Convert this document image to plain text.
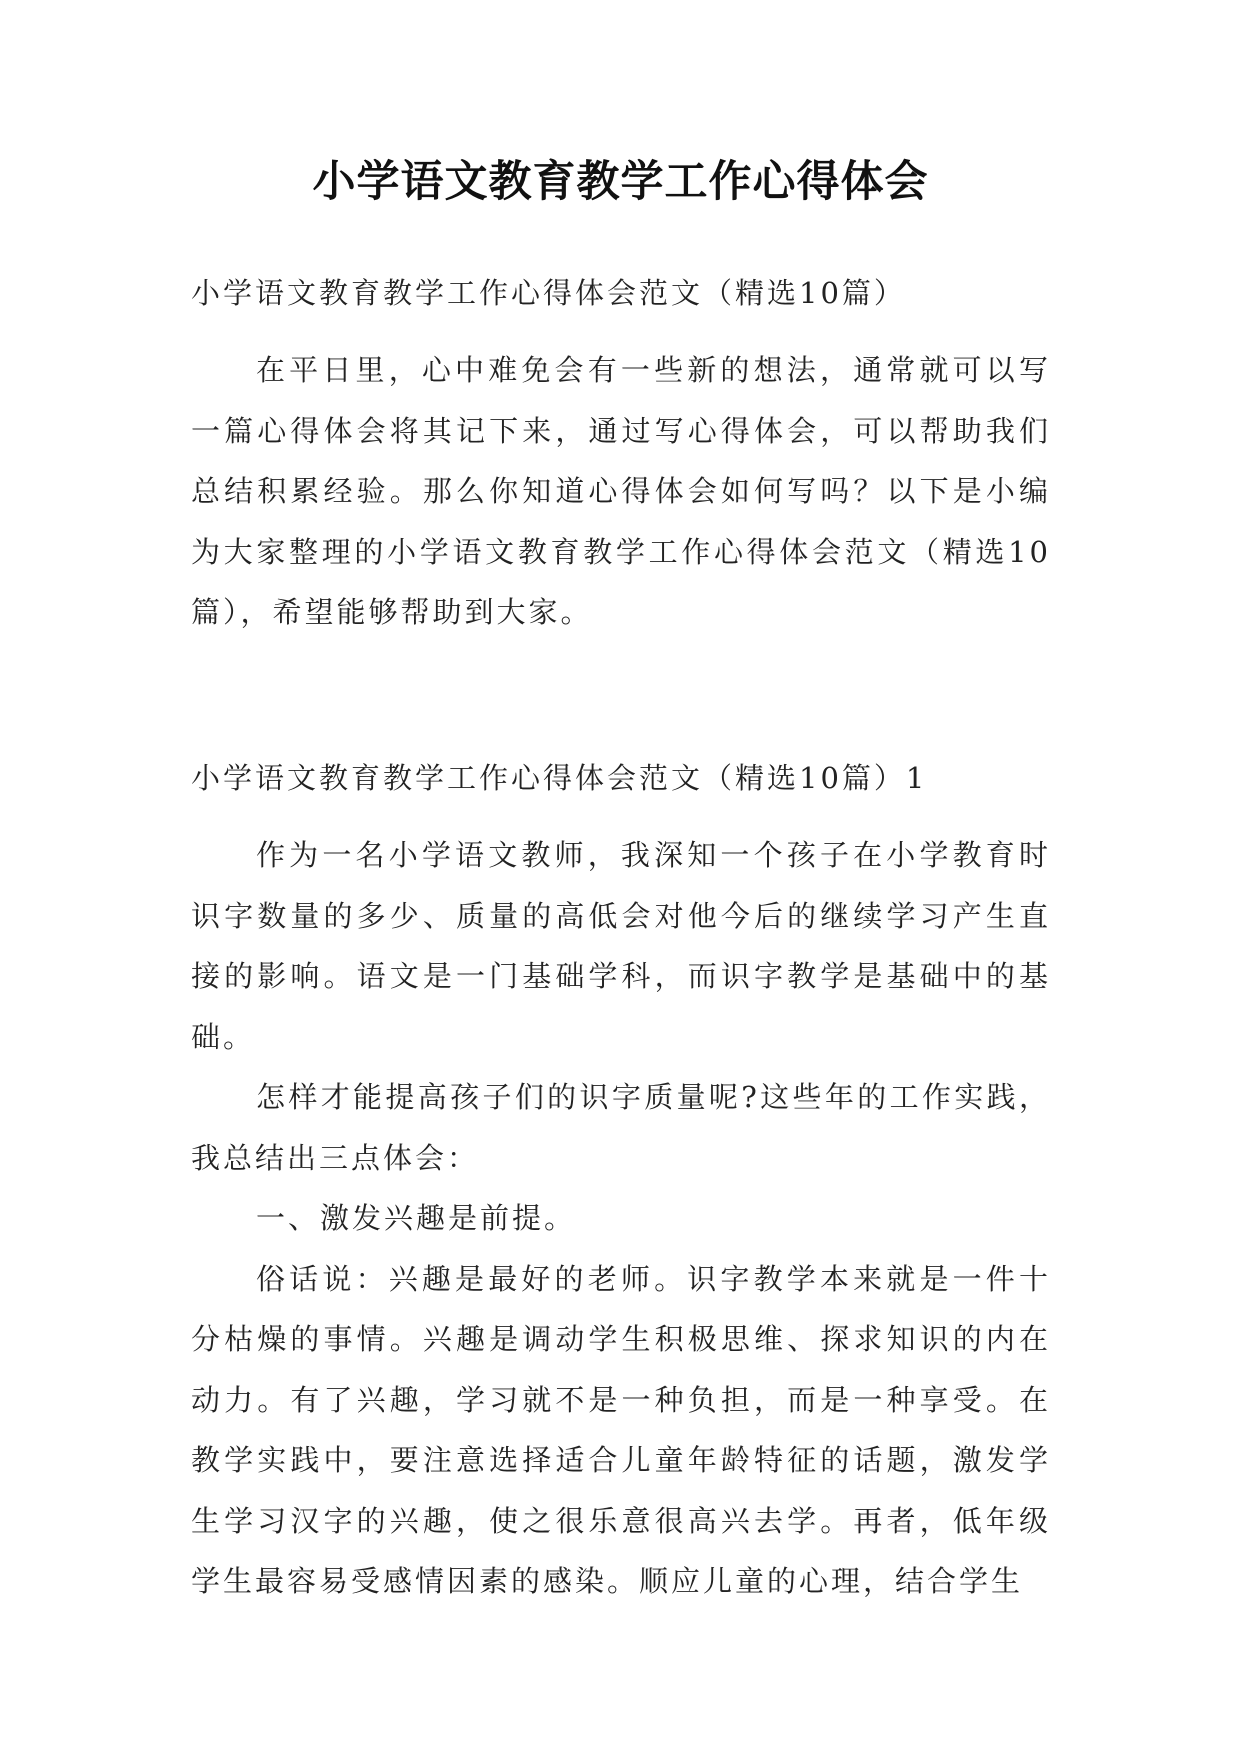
小学语文教育教学工作心得体会

小学语文教育教学工作心得体会范文（精选10篇）

在平日里，心中难免会有一些新的想法，通常就可以写一篇心得体会将其记下来，通过写心得体会，可以帮助我们总结积累经验。那么你知道心得体会如何写吗？以下是小编为大家整理的小学语文教育教学工作心得体会范文（精选10篇），希望能够帮助到大家。

小学语文教育教学工作心得体会范文（精选10篇）1

作为一名小学语文教师，我深知一个孩子在小学教育时识字数量的多少、质量的高低会对他今后的继续学习产生直接的影响。语文是一门基础学科，而识字教学是基础中的基础。

怎样才能提高孩子们的识字质量呢?这些年的工作实践，我总结出三点体会：

一、激发兴趣是前提。

俗话说：兴趣是最好的老师。识字教学本来就是一件十分枯燥的事情。兴趣是调动学生积极思维、探求知识的内在动力。有了兴趣，学习就不是一种负担，而是一种享受。在教学实践中，要注意选择适合儿童年龄特征的话题，激发学生学习汉字的兴趣，使之很乐意很高兴去学。再者，低年级学生最容易受感情因素的感染。顺应儿童的心理，结合学生
